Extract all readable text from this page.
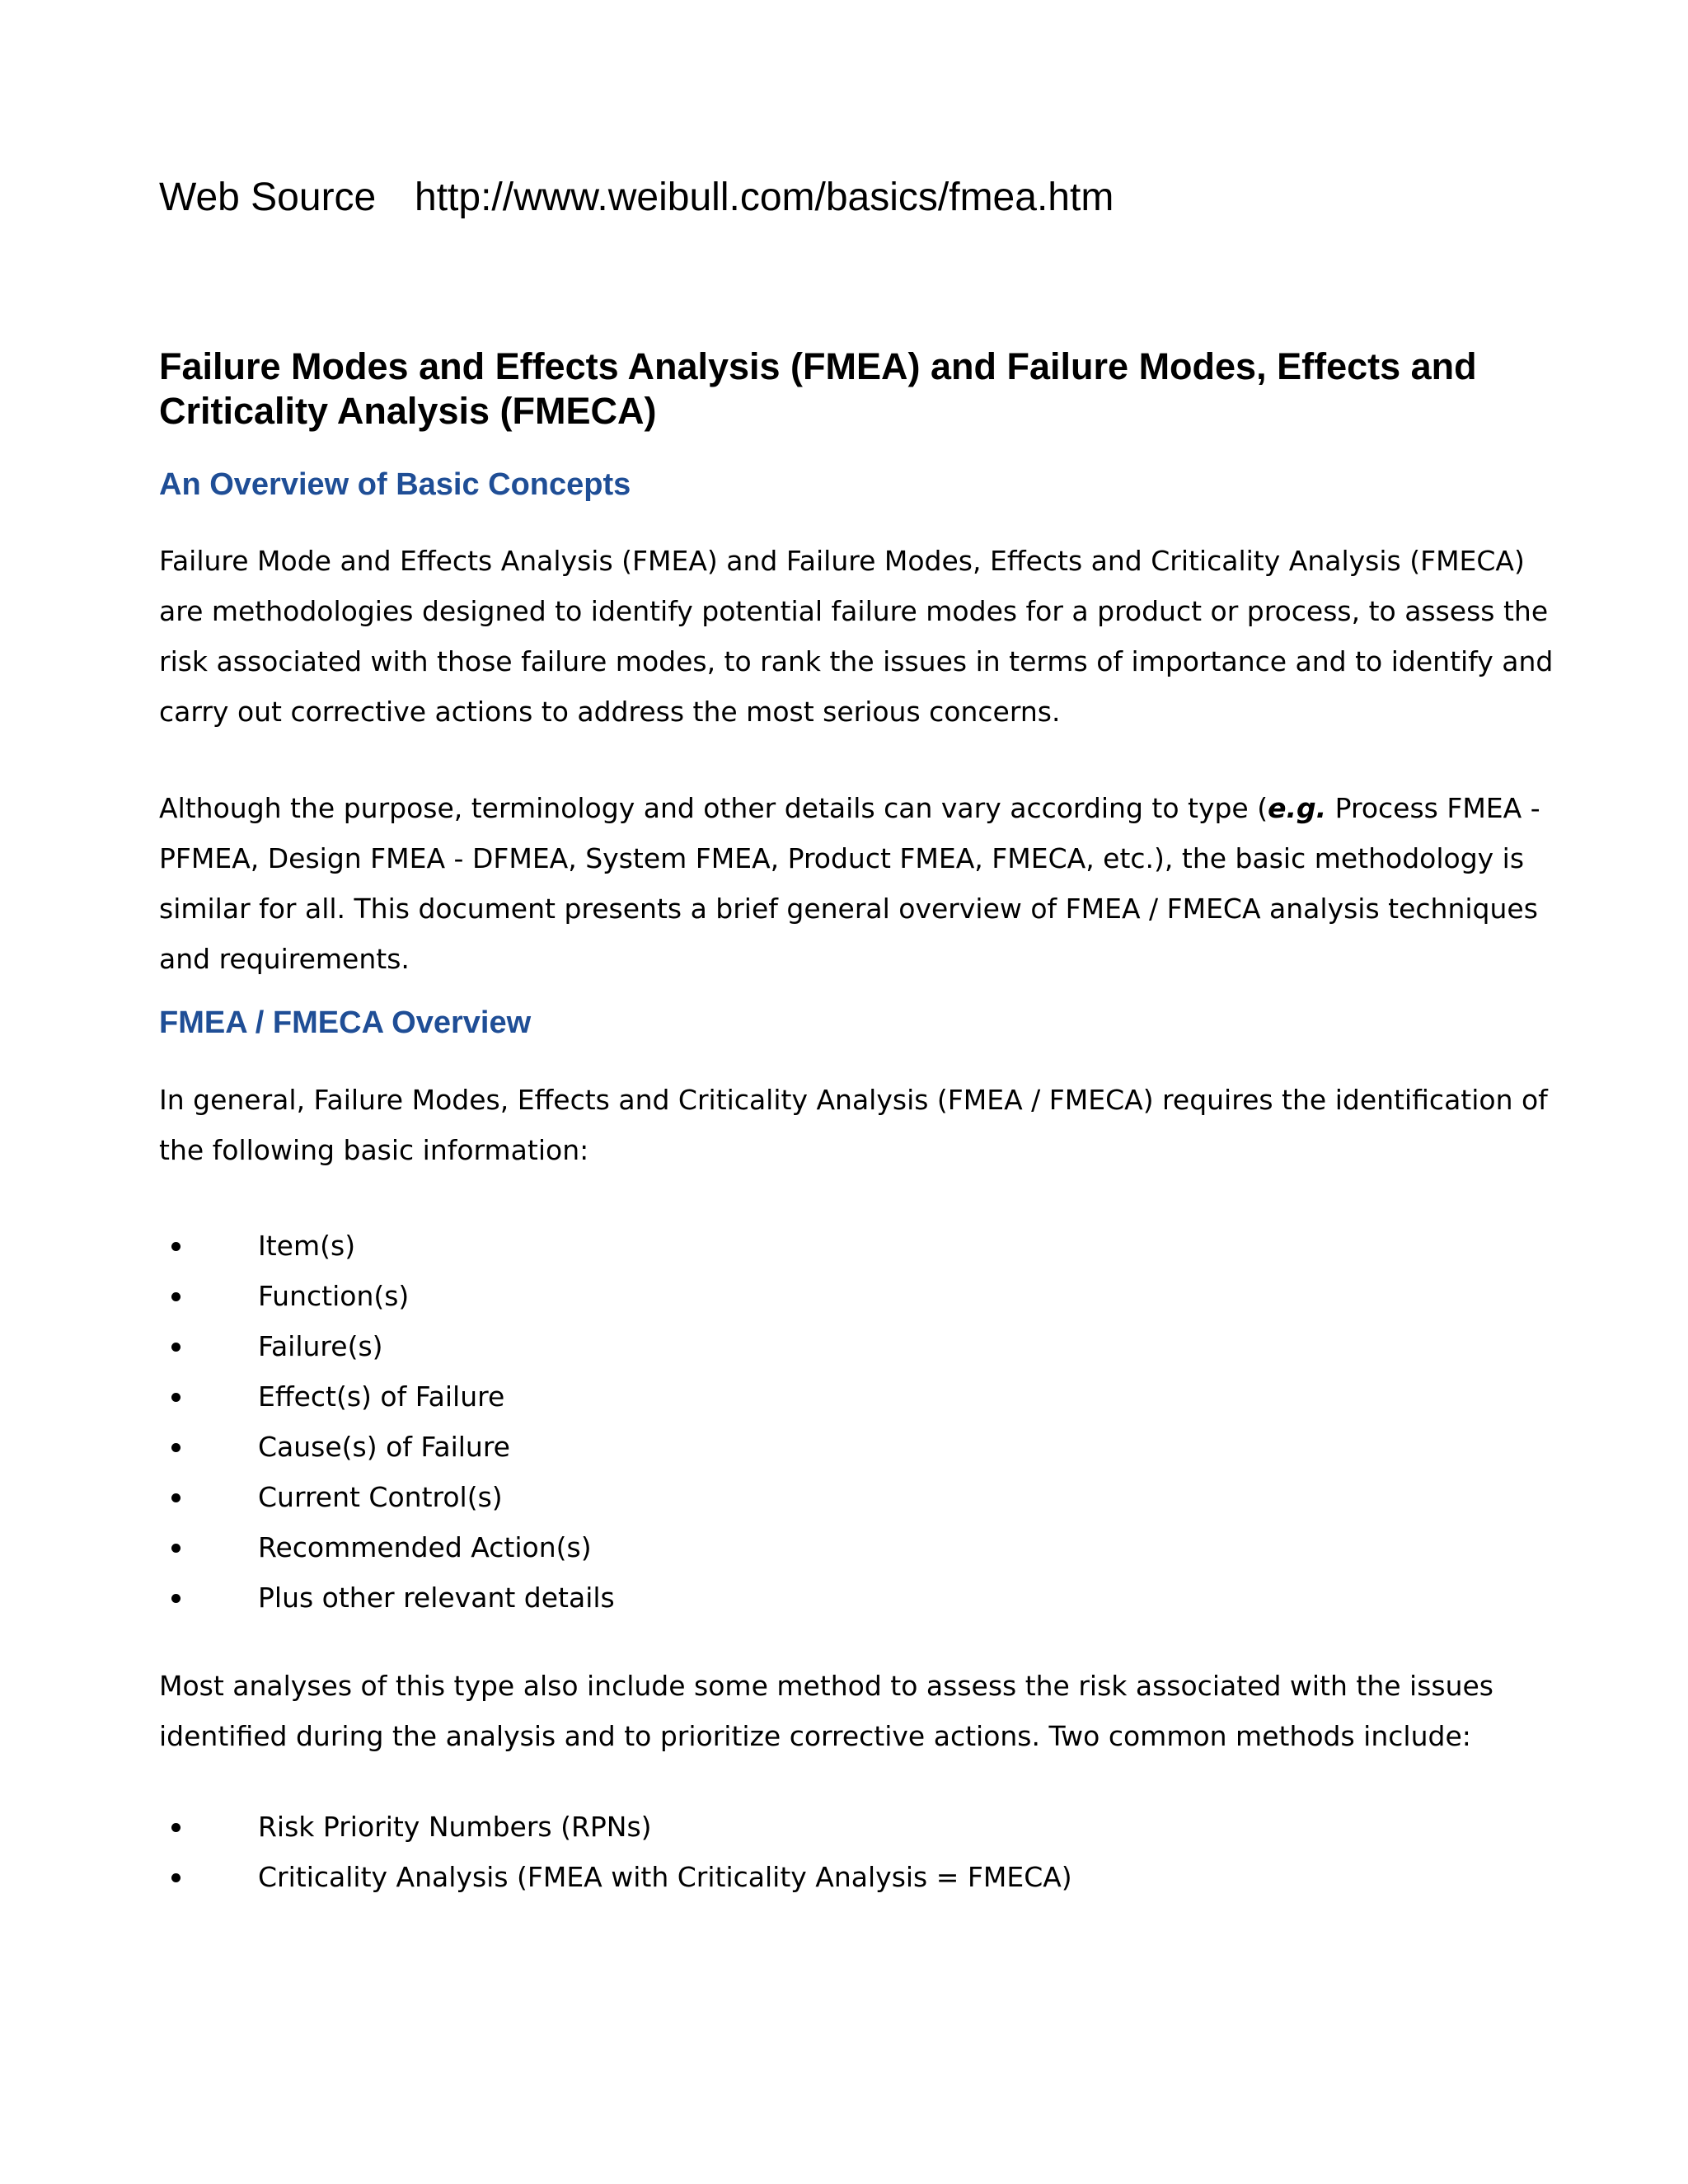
Web Source http://www.weibull.com/basics/fmea.htm
Failure Modes and Effects Analysis (FMEA) and Failure Modes, Effects and Criticality Analysis (FMECA)
An Overview of Basic Concepts

Failure Mode and Effects Analysis (FMEA) and Failure Modes, Effects and Criticality Analysis (FMECA) are methodologies designed to identify potential failure modes for a product or process, to assess the risk associated with those failure modes, to rank the issues in terms of importance and to identify and carry out corrective actions to address the most serious concerns.

Although the purpose, terminology and other details can vary according to type (e.g. Process FMEA - PFMEA, Design FMEA - DFMEA, System FMEA, Product FMEA, FMECA, etc.), the basic methodology is similar for all. This document presents a brief general overview of FMEA / FMECA analysis techniques and requirements.

FMEA / FMECA Overview

In general, Failure Modes, Effects and Criticality Analysis (FMEA / FMECA) requires the identification of the following basic information:

Item(s)
Function(s)
Failure(s)
Effect(s) of Failure
Cause(s) of Failure
Current Control(s)
Recommended Action(s)
Plus other relevant details

Most analyses of this type also include some method to assess the risk associated with the issues identified during the analysis and to prioritize corrective actions. Two common methods include:

Risk Priority Numbers (RPNs)
Criticality Analysis (FMEA with Criticality Analysis = FMECA)
